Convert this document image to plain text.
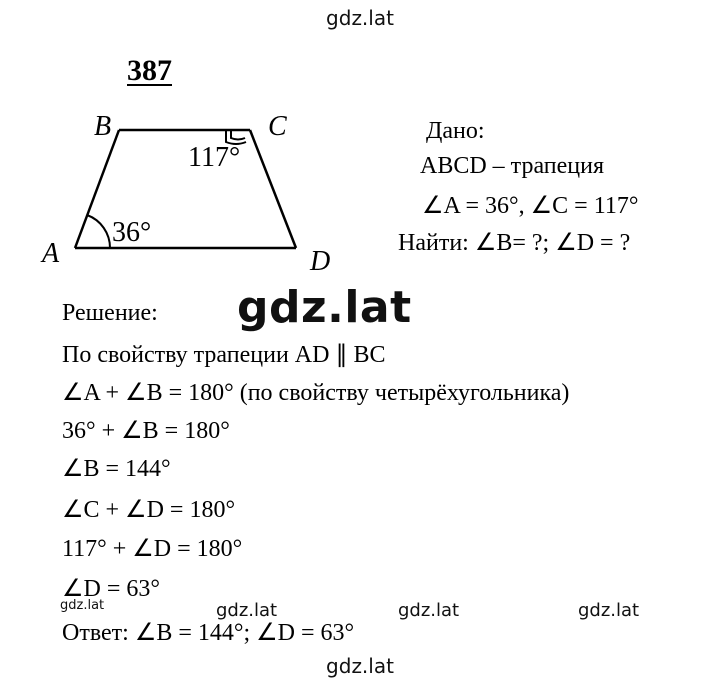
gdz.lat
387
B	C
A	D
36°
117°
Дано:
ABCD – трапеция
∠A = 36°, ∠C = 117°
Найти: ∠B= ?; ∠D = ?
Решение: gdz.lat
По свойству трапеции AD ∥ BC
∠A + ∠B = 180° (по свойству четырёхугольника)
36° + ∠B = 180°
∠B = 144°
∠C + ∠D = 180°
117° + ∠D = 180°
∠D = 63°
gdz.lat	gdz.lat	gdz.lat	gdz.lat
Ответ: ∠B = 144°; ∠D = 63°
gdz.lat
